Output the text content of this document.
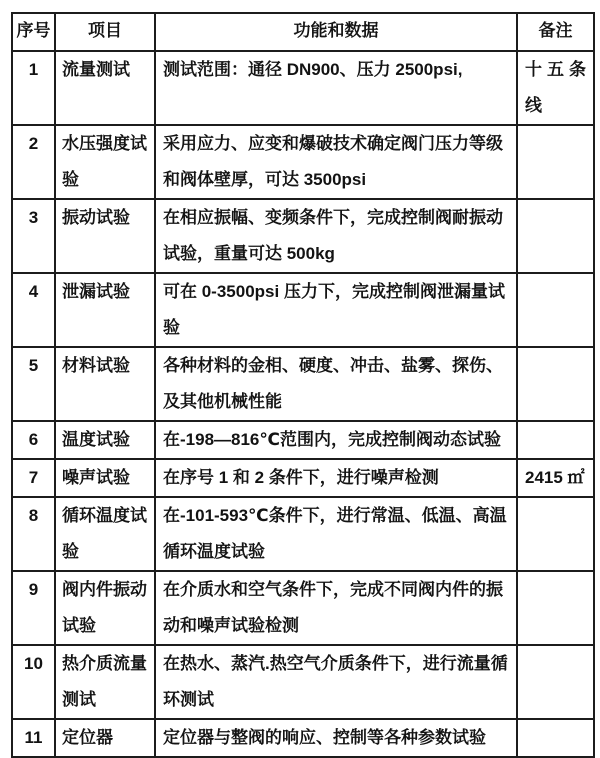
序号	项目	功能和数据	备注
1	流量测试	测试范围：通径 DN900、压力 2500psi,	十五条线
2	水压强度试验	采用应力、应变和爆破技术确定阀门压力等级和阀体壁厚，可达 3500psi	
3	振动试验	在相应振幅、变频条件下，完成控制阀耐振动试验，重量可达 500kg	
4	泄漏试验	可在 0-3500psi 压力下，完成控制阀泄漏量试验	
5	材料试验	各种材料的金相、硬度、冲击、盐雾、探伤、及其他机械性能	
6	温度试验	在-198—816℃范围内，完成控制阀动态试验	
7	噪声试验	在序号 1 和 2 条件下，进行噪声检测	2415 ㎡
8	循环温度试验	在-101-593℃条件下，进行常温、低温、高温循环温度试验	
9	阀内件振动试验	在介质水和空气条件下，完成不同阀内件的振动和噪声试验检测	
10	热介质流量测试	在热水、蒸汽.热空气介质条件下，进行流量循环测试	
11	定位器	定位器与整阀的响应、控制等各种参数试验	
